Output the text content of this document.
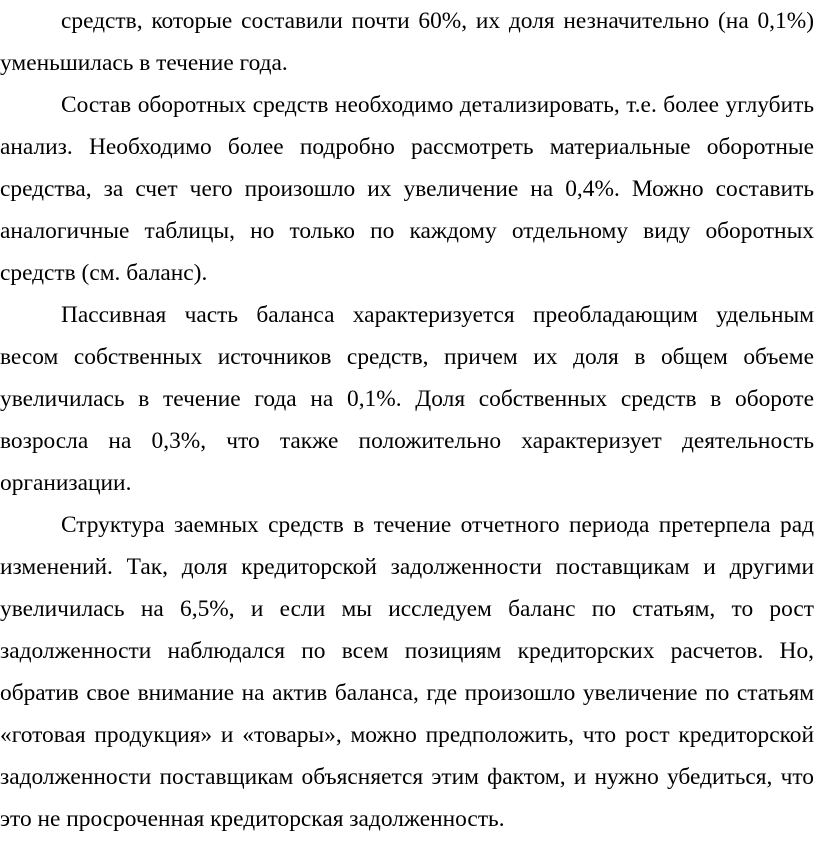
средств, которые составили почти 60%, их доля незначительно (на 0,1%) уменьшилась в течение года.

Состав оборотных средств необходимо детализировать, т.е. более углубить анализ. Необходимо более подробно рассмотреть материальные оборотные средства, за счет чего произошло их увеличение на 0,4%. Можно составить аналогичные таблицы, но только по каждому отдельному виду оборотных средств (см. баланс).

Пассивная часть баланса характеризуется преобладающим удельным весом собственных источников средств, причем их доля в общем объеме увеличилась в течение года на 0,1%. Доля собственных средств в обороте возросла на 0,3%, что также положительно характеризует деятельность организации.

Структура заемных средств в течение отчетного периода претерпела рад изменений. Так, доля кредиторской задолженности поставщикам и другими увеличилась на 6,5%, и если мы исследуем баланс по статьям, то рост задолженности наблюдался по всем позициям кредиторских расчетов. Но, обратив свое внимание на актив баланса, где произошло увеличение по статьям «готовая продукция» и «товары», можно предположить, что рост кредиторской задолженности поставщикам объясняется этим фактом, и нужно убедиться, что это не просроченная кредиторская задолженность.
